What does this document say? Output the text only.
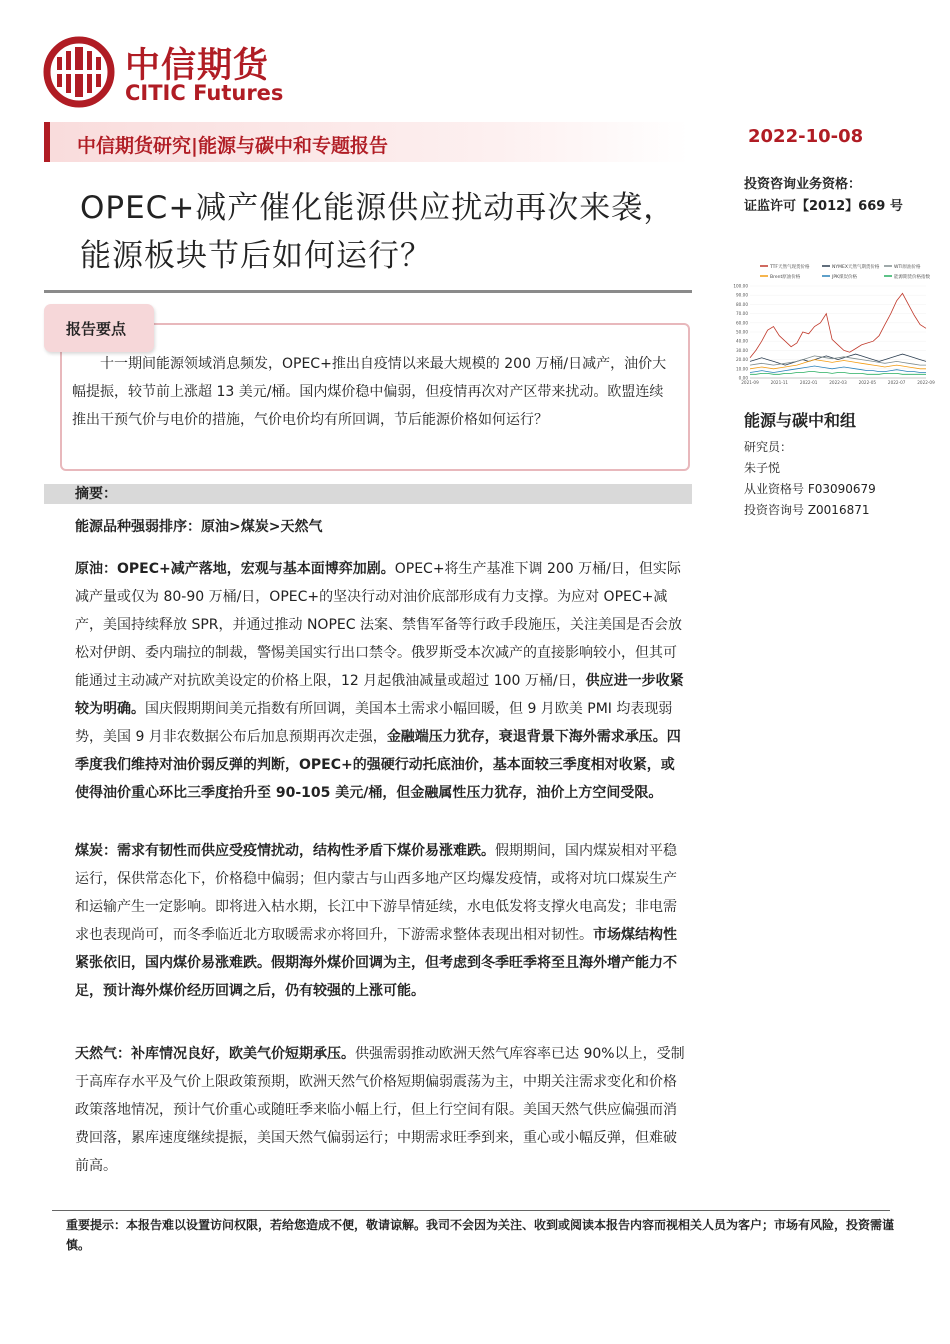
中信期货
CITIC Futures
中信期货研究|能源与碳中和专题报告	2022-10-08
OPEC+减产催化能源供应扰动再次来袭，能源板块节后如何运行？
投资咨询业务资格：
证监许可【2012】669 号
TTF天然气现货价格	NYMEX天然气期货价格	WTI原油价格
Brent原油价格	JPK煤炭价格	能源期货价格指数
100.00
90.00
80.00
70.00
60.00
50.00
40.00
30.00
20.00
10.00
0.00
2021-09	2021-11	2022-01	2022-03	2022-05	2022-07	2022-09
能源与碳中和组
研究员：
朱子悦
从业资格号 F03090679
投资咨询号 Z0016871
报告要点
十一期间能源领域消息频发，OPEC+推出自疫情以来最大规模的 200 万桶/日减产，油价大幅提振，较节前上涨超 13 美元/桶。国内煤价稳中偏弱，但疫情再次对产区带来扰动。欧盟连续推出干预气价与电价的措施，气价电价均有所回调，节后能源价格如何运行？
摘要：
能源品种强弱排序：原油>煤炭>天然气
原油：OPEC+减产落地，宏观与基本面博弈加剧。OPEC+将生产基准下调 200 万桶/日，但实际减产量或仅为 80-90 万桶/日，OPEC+的坚决行动对油价底部形成有力支撑。为应对 OPEC+减产，美国持续释放 SPR，并通过推动 NOPEC 法案、禁售军备等行政手段施压，关注美国是否会放松对伊朗、委内瑞拉的制裁，警惕美国实行出口禁令。俄罗斯受本次减产的直接影响较小，但其可能通过主动减产对抗欧美设定的价格上限，12 月起俄油减量或超过 100 万桶/日，供应进一步收紧较为明确。国庆假期期间美元指数有所回调，美国本土需求小幅回暖，但 9 月欧美 PMI 均表现弱势，美国 9 月非农数据公布后加息预期再次走强，金融端压力犹存，衰退背景下海外需求承压。四季度我们维持对油价弱反弹的判断，OPEC+的强硬行动托底油价，基本面较三季度相对收紧，或使得油价重心环比三季度抬升至 90-105 美元/桶，但金融属性压力犹存，油价上方空间受限。
煤炭：需求有韧性而供应受疫情扰动，结构性矛盾下煤价易涨难跌。假期期间，国内煤炭相对平稳运行，保供常态化下，价格稳中偏弱；但内蒙古与山西多地产区均爆发疫情，或将对坑口煤炭生产和运输产生一定影响。即将进入枯水期，长江中下游旱情延续，水电低发将支撑火电高发；非电需求也表现尚可，而冬季临近北方取暖需求亦将回升，下游需求整体表现出相对韧性。市场煤结构性紧张依旧，国内煤价易涨难跌。假期海外煤价回调为主，但考虑到冬季旺季将至且海外增产能力不足，预计海外煤价经历回调之后，仍有较强的上涨可能。
天然气：补库情况良好，欧美气价短期承压。供强需弱推动欧洲天然气库容率已达 90%以上，受制于高库存水平及气价上限政策预期，欧洲天然气价格短期偏弱震荡为主，中期关注需求变化和价格政策落地情况，预计气价重心或随旺季来临小幅上行，但上行空间有限。美国天然气供应偏强而消费回落，累库速度继续提振，美国天然气偏弱运行；中期需求旺季到来，重心或小幅反弹，但难破前高。
重要提示：本报告难以设置访问权限，若给您造成不便，敬请谅解。我司不会因为关注、收到或阅读本报告内容而视相关人员为客户；市场有风险，投资需谨慎。
